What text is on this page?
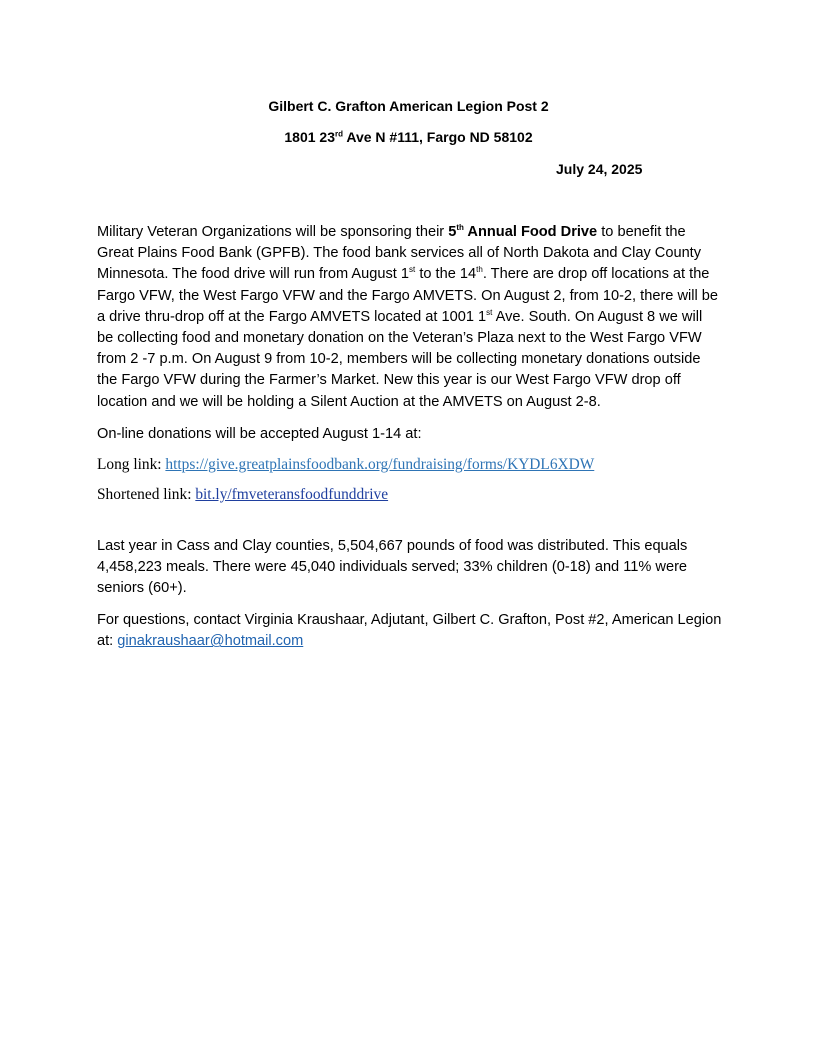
Gilbert C. Grafton American Legion Post 2
1801 23rd Ave N #111, Fargo ND 58102
July 24, 2025
Military Veteran Organizations will be sponsoring their 5th Annual Food Drive to benefit the Great Plains Food Bank (GPFB). The food bank services all of North Dakota and Clay County Minnesota. The food drive will run from August 1st to the 14th. There are drop off locations at the Fargo VFW, the West Fargo VFW and the Fargo AMVETS. On August 2, from 10-2, there will be a drive thru-drop off at the Fargo AMVETS located at 1001 1st Ave. South. On August 8 we will be collecting food and monetary donation on the Veteran’s Plaza next to the West Fargo VFW from 2 -7 p.m. On August 9 from 10-2, members will be collecting monetary donations outside the Fargo VFW during the Farmer’s Market. New this year is our West Fargo VFW drop off location and we will be holding a Silent Auction at the AMVETS on August 2-8.
On-line donations will be accepted August 1-14 at:
Long link: https://give.greatplainsfoodbank.org/fundraising/forms/KYDL6XDW
Shortened link: bit.ly/fmveteransfoodfunddrive
Last year in Cass and Clay counties, 5,504,667 pounds of food was distributed. This equals 4,458,223 meals. There were 45,040 individuals served; 33% children (0-18) and 11% were seniors (60+).
For questions, contact Virginia Kraushaar, Adjutant, Gilbert C. Grafton, Post #2, American Legion at: ginakraushaar@hotmail.com
